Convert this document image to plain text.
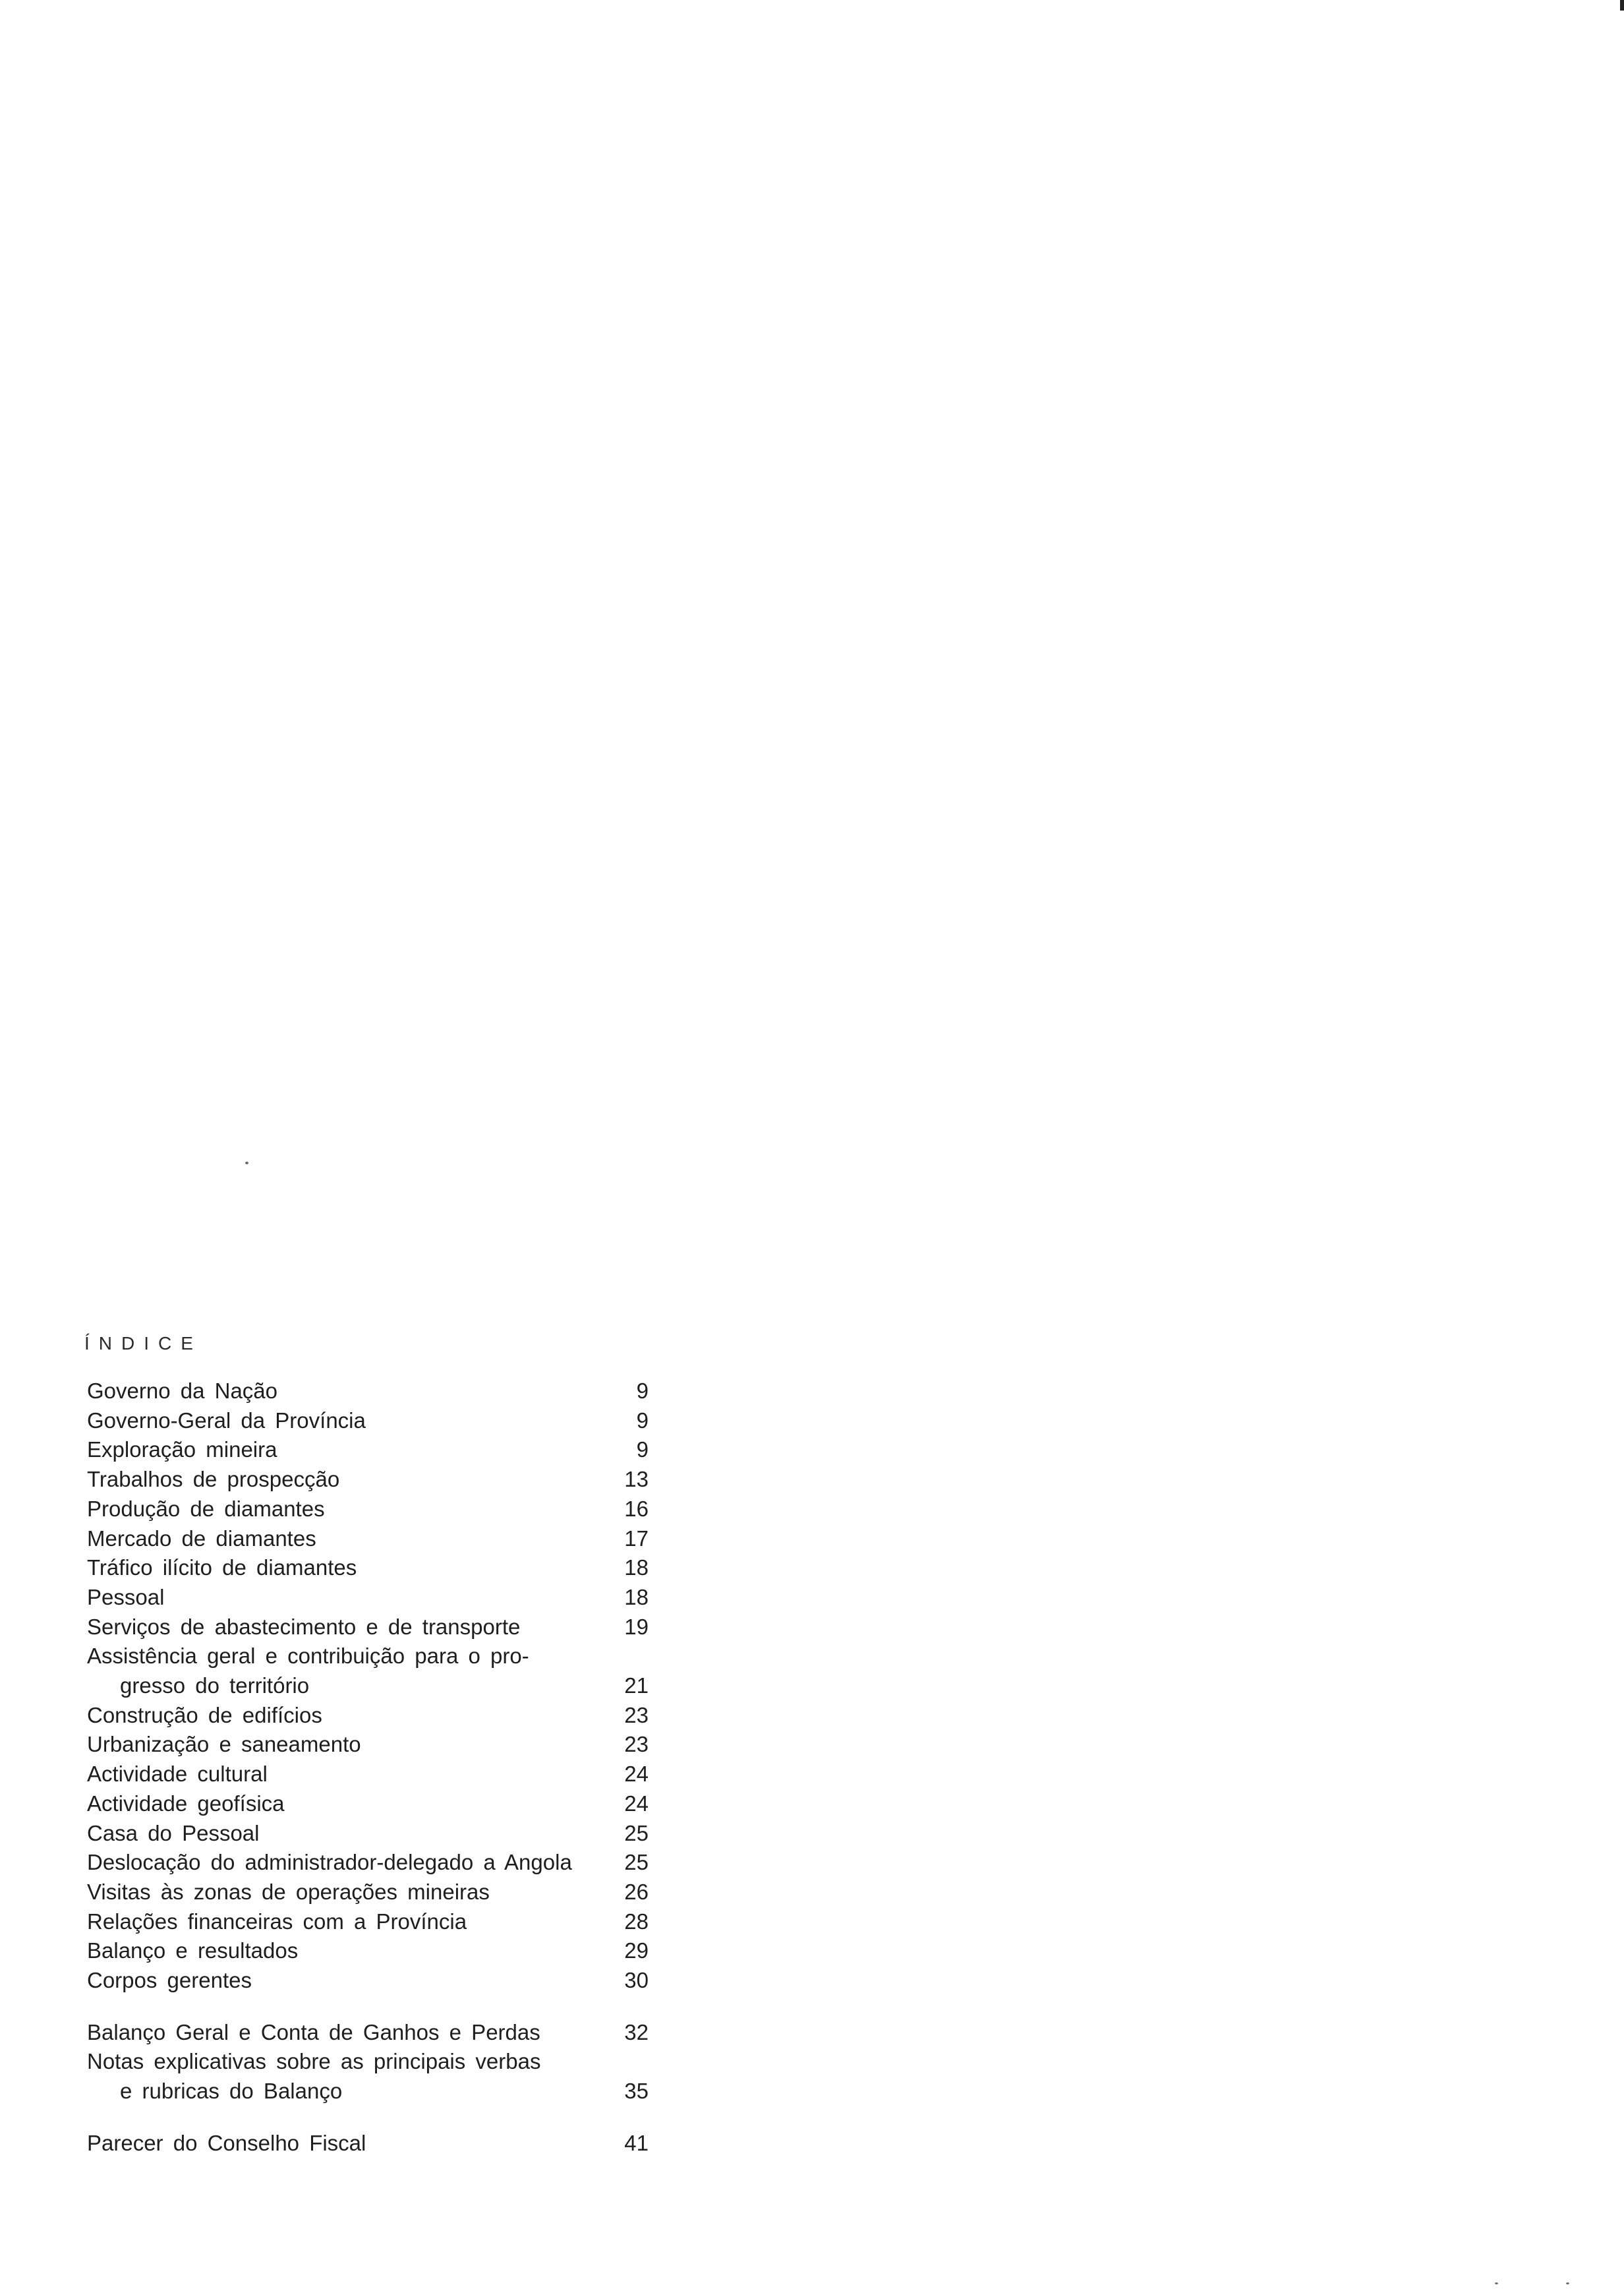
ÍNDICE
Governo da Nação	9
Governo-Geral da Província	9
Exploração mineira	9
Trabalhos de prospecção	13
Produção de diamantes	16
Mercado de diamantes	17
Tráfico ilícito de diamantes	18
Pessoal	18
Serviços de abastecimento e de transporte	19
Assistência geral e contribuição para o pro-
gresso do território	21
Construção de edifícios	23
Urbanização e saneamento	23
Actividade cultural	24
Actividade geofísica	24
Casa do Pessoal	25
Deslocação do administrador-delegado a Angola	25
Visitas às zonas de operações mineiras	26
Relações financeiras com a Província	28
Balanço e resultados	29
Corpos gerentes	30
Balanço Geral e Conta de Ganhos e Perdas	32
Notas explicativas sobre as principais verbas
e rubricas do Balanço	35
Parecer do Conselho Fiscal	41
